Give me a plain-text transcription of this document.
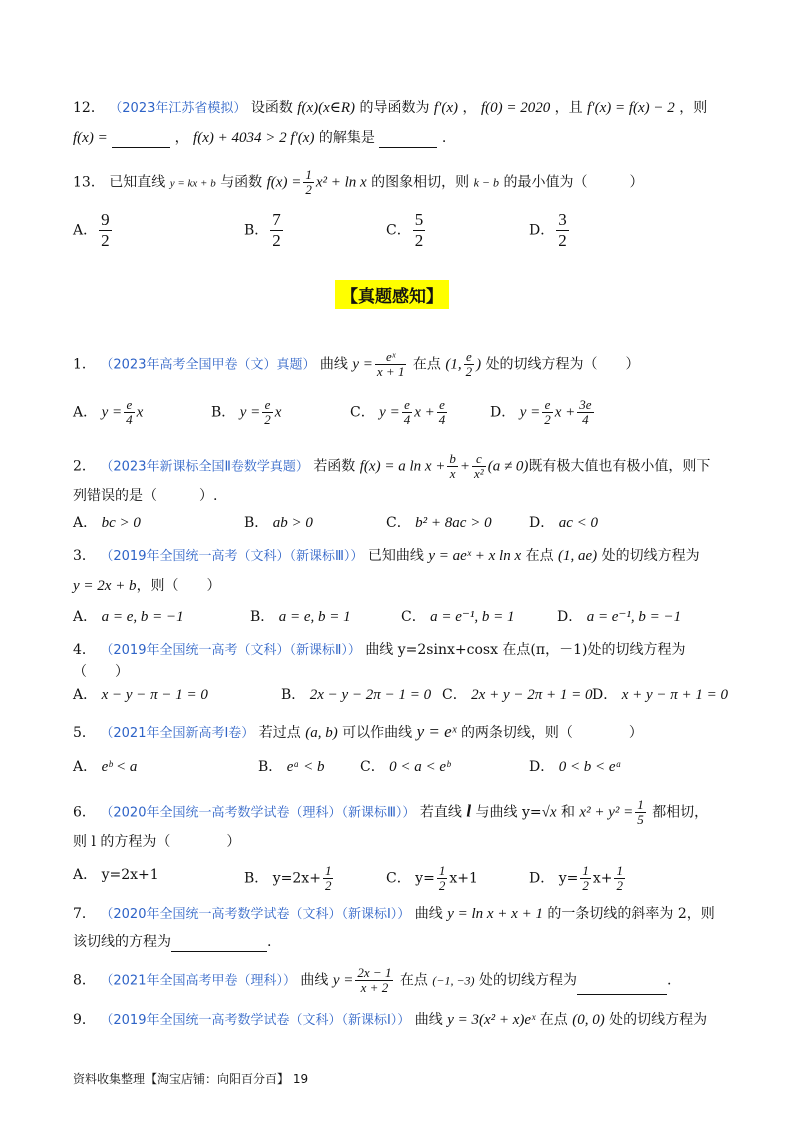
12． （2023年江苏省模拟） 设函数 f(x)(x∈R) 的导函数为 f′(x) ， f(0) = 2020 ，且 f′(x) = f(x) − 2 ，则
f(x) =	， f(x) + 4034 > 2 f′(x) 的解集是	.
13． 已知直线 y = kx + b 与函数 $f(x) = \frac{1}{2} x^2 + \ln x$ 的图象相切，则 k − b 的最小值为（　　　）
A． $\frac{9}{2}$	B． $\frac{7}{2}$	C． $\frac{5}{2}$	D． $\frac{3}{2}$
【真题感知】
1． （2023年高考全国甲卷（文）真题） 曲线 $y = \frac{\text{eˣ}}{x + 1}$ 在点 (1, $\frac{e}{2}$ ) 处的切线方程为（　　）
A． $y = \frac{e}{4}$ x	B． $y = \frac{e}{2}$ x	C． $y = \frac{e}{4}$ $x + \frac{e}{4}$	D． $y = \frac{e}{2}$ $x + \frac{3e}{4}$
2． （2023年新课标全国Ⅱ卷数学真题） 若函数 f(x) = a $\ln x + \frac{b}{x} + \frac{c}{\text{x²}} (a \ne 0)$既有极大值也有极小值，则下
列错误的是（　　　）.
A． bc > 0	B． ab > 0	C． b² + 8ac > 0	D． ac < 0
3． （2019年全国统一高考（文科）（新课标Ⅲ）） 已知曲线 y = aeˣ + x ln x 在点 (1, ae) 处的切线方程为
y = 2x + b，则（　　）
A． a = e, b = −1	B． a = e, b = 1	C． a = e⁻¹, b = 1	D． a = e⁻¹, b = −1
4． （2019年全国统一高考（文科）（新课标Ⅱ）） 曲线 y=2sinx+cosx 在点(π，－1)处的切线方程为
（　　）
A． x − y − π − 1 = 0	B． 2x − y − 2π − 1 = 0 C． 2x + y − 2π + 1 = 0 D． x + y − π + 1 = 0
5． （2021年全国新高考Ⅰ卷） 若过点 (a, b) 可以作曲线 y = eˣ 的两条切线，则（　　　　）
A． eᵇ < a	B． eᵃ < b	C． 0 < a < eᵇ	D． 0 < b < eᵃ
6． （2020年全国统一高考数学试卷（理科）（新课标Ⅲ）） 若直线 l 与曲线 y=√x 和 $x^2 + y^2 = \frac{1}{5}$ 都相切，
则 l 的方程为（　　　　）
A． y=2x+1	B． $y=2x+ \frac{1}{2}$	C． $y= \frac{1}{2} x+1$	D． $y= \frac{1}{2} x+ \frac{1}{2}$
7． （2020年全国统一高考数学试卷（文科）（新课标Ⅰ）） 曲线 y = ln x + x + 1 的一条切线的斜率为 2，则
该切线的方程为	.
8． （2021年全国高考甲卷（理科）） 曲线 $y = \frac{2x - 1}{x + 2}$ 在点 (−1, −3) 处的切线方程为	.
9． （2019年全国统一高考数学试卷（文科）（新课标Ⅰ）） 曲线 y = 3(x² + x)eˣ 在点 (0, 0) 处的切线方程为
资料收集整理【淘宝店铺：向阳百分百】 19
